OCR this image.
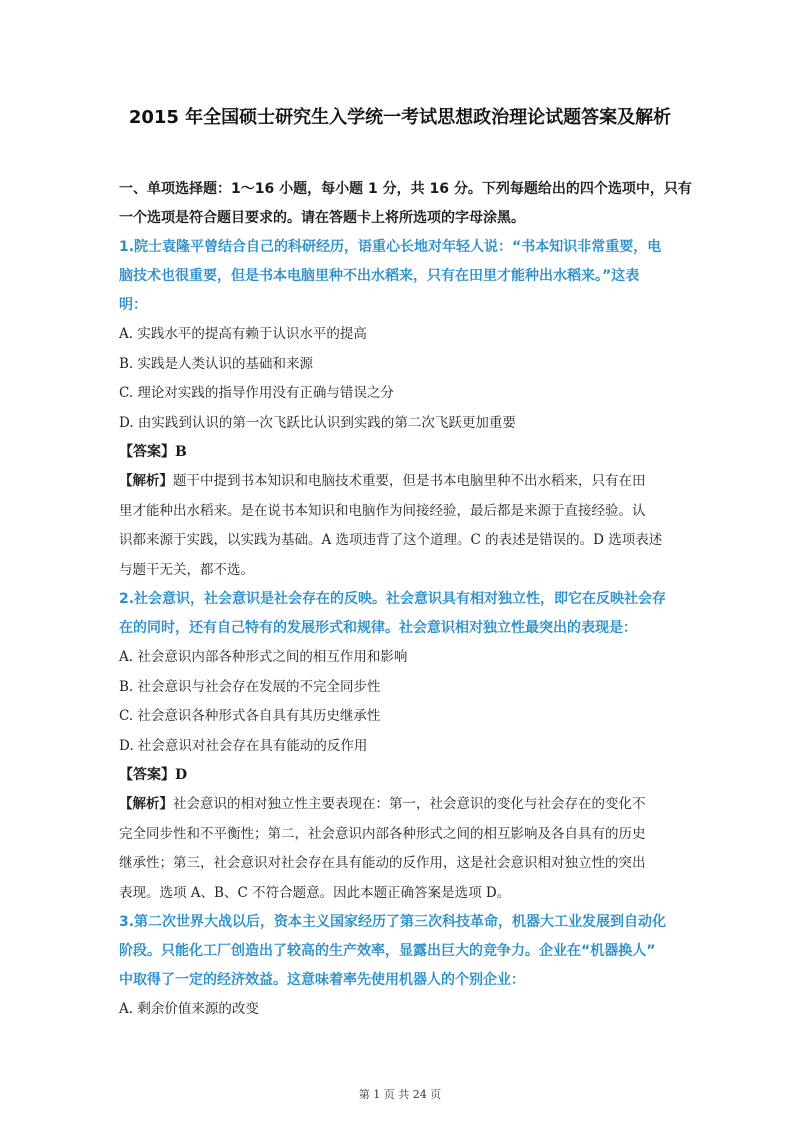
2015 年全国硕士研究生入学统一考试思想政治理论试题答案及解析
一、单项选择题：1～16 小题，每小题 1 分，共 16 分。下列每题给出的四个选项中，只有
一个选项是符合题目要求的。请在答题卡上将所选项的字母涂黑。
1.院士袁隆平曾结合自己的科研经历，语重心长地对年轻人说：“书本知识非常重要，电
脑技术也很重要，但是书本电脑里种不出水稻来，只有在田里才能种出水稻来。”这表
明：
A. 实践水平的提高有赖于认识水平的提高
B. 实践是人类认识的基础和来源
C. 理论对实践的指导作用没有正确与错误之分
D. 由实践到认识的第一次飞跃比认识到实践的第二次飞跃更加重要
【答案】B
【解析】题干中提到书本知识和电脑技术重要，但是书本电脑里种不出水稻来，只有在田
里才能种出水稻来。是在说书本知识和电脑作为间接经验，最后都是来源于直接经验。认
识都来源于实践，以实践为基础。A 选项违背了这个道理。C 的表述是错误的。D 选项表述
与题干无关，都不选。
2.社会意识，社会意识是社会存在的反映。社会意识具有相对独立性，即它在反映社会存
在的同时，还有自己特有的发展形式和规律。社会意识相对独立性最突出的表现是：
A. 社会意识内部各种形式之间的相互作用和影响
B. 社会意识与社会存在发展的不完全同步性
C. 社会意识各种形式各自具有其历史继承性
D. 社会意识对社会存在具有能动的反作用
【答案】D
【解析】社会意识的相对独立性主要表现在：第一，社会意识的变化与社会存在的变化不
完全同步性和不平衡性；第二，社会意识内部各种形式之间的相互影响及各自具有的历史
继承性；第三，社会意识对社会存在具有能动的反作用，这是社会意识相对独立性的突出
表现。选项 A、B、C 不符合题意。因此本题正确答案是选项 D。
3.第二次世界大战以后，资本主义国家经历了第三次科技革命，机器大工业发展到自动化
阶段。只能化工厂创造出了较高的生产效率，显露出巨大的竞争力。企业在“机器换人”
中取得了一定的经济效益。这意味着率先使用机器人的个别企业：
A. 剩余价值来源的改变
第 1 页 共 24 页
